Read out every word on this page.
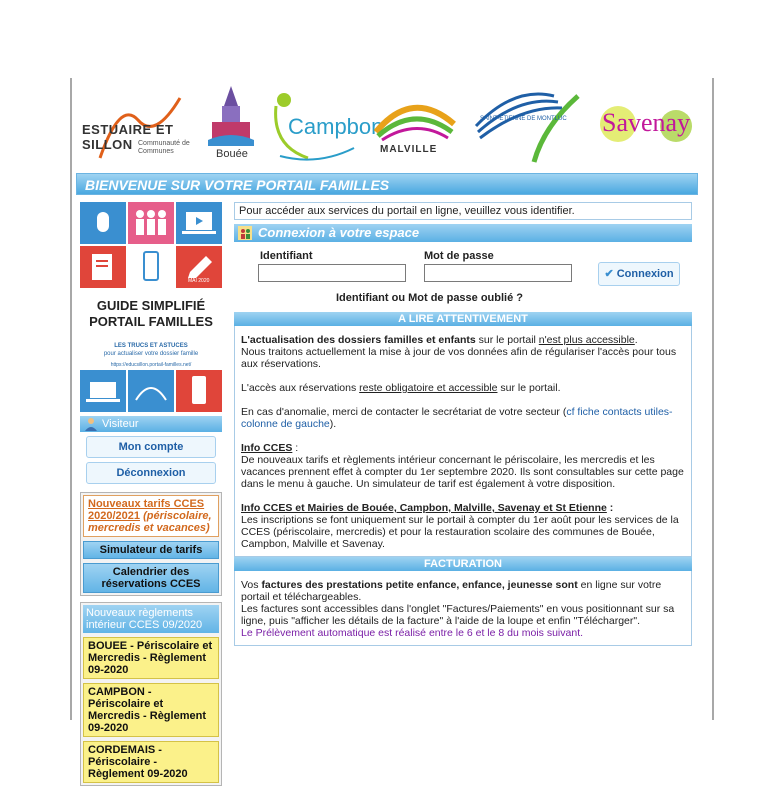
ESTUAIRE ET SILLON Communauté de Communes	Bouée
Campbon
MALVILLE
SAINT-ÉTIENNE DE MONTLUC Savenay
BIENVENUE SUR VOTRE PORTAIL FAMILLES
MAI 2020
GUIDE SIMPLIFIÉ
PORTAIL FAMILLES
LES TRUCS ET ASTUCES
pour actualiser votre dossier famille
https://educsillon.portail-familles.net/
Visiteur
Mon compte
Déconnexion
Nouveaux tarifs CCES
2020/2021 (périscolaire, mercredis et vacances)
Simulateur de tarifs
Calendrier des réservations CCES
Nouveaux règlements intérieur CCES 09/2020
BOUEE - Périscolaire et Mercredis - Règlement 09-2020
CAMPBON - Périscolaire et Mercredis - Règlement 09-2020
CORDEMAIS - Périscolaire - Règlement 09-2020
Pour accéder aux services du portail en ligne, veuillez vous identifier.
Connexion à votre espace
Identifiant	Mot de passe
✔ Connexion
Identifiant ou Mot de passe oublié ?
A LIRE ATTENTIVEMENT

L'actualisation des dossiers familles et enfants sur le portail n'est plus accessible.
Nous traitons actuellement la mise à jour de vos données afin de régulariser l'accès pour tous aux réservations.

L'accès aux réservations reste obligatoire et accessible sur le portail.

En cas d'anomalie, merci de contacter le secrétariat de votre secteur (cf fiche contacts utiles-colonne de gauche).

Info CCES :
De nouveaux tarifs et règlements intérieur concernant le périscolaire, les mercredis et les vacances prennent effet à compter du 1er septembre 2020. Ils sont consultables sur cette page dans le menu à gauche. Un simulateur de tarif est également à votre disposition.

Info CCES et Mairies de Bouée, Campbon, Malville, Savenay et St Etienne :
Les inscriptions se font uniquement sur le portail à compter du 1er août pour les services de la CCES (périscolaire, mercredis) et pour la restauration scolaire des communes de Bouée, Campbon, Malville et Savenay.

FACTURATION

Vos factures des prestations petite enfance, enfance, jeunesse sont en ligne sur votre portail et téléchargeables.

Les factures sont accessibles dans l'onglet "Factures/Paiements" en vous positionnant sur sa ligne, puis "afficher les détails de la facture" à l'aide de la loupe et enfin "Télécharger".

Le Prélèvement automatique est réalisé entre le 6 et le 8 du mois suivant.
